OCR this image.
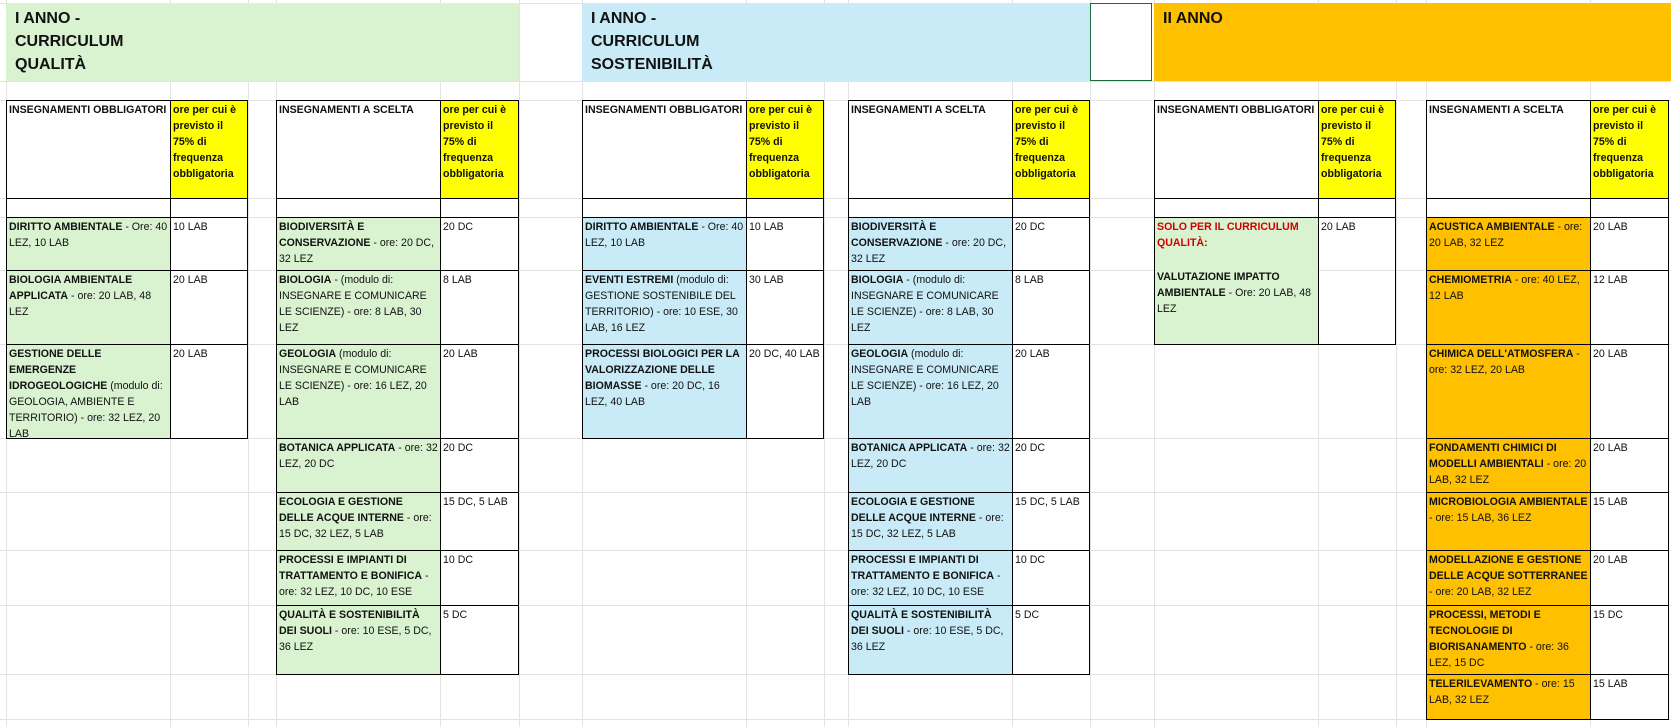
I ANNO -
CURRICULUM
QUALITÀ
I ANNO -
CURRICULUM
SOSTENIBILITÀ
II ANNO
INSEGNAMENTI OBBLIGATORI ore per cui è previsto il 75% di frequenza obbligatoria
DIRITTO AMBIENTALE - Ore: 40 LEZ, 10 LAB
10 LAB
BIOLOGIA AMBIENTALE APPLICATA - ore: 20 LAB, 48 LEZ
20 LAB
GESTIONE DELLE EMERGENZE IDROGEOLOGICHE (modulo di: GEOLOGIA, AMBIENTE E TERRITORIO) - ore: 32 LEZ, 20 LAB
20 LAB
INSEGNAMENTI A SCELTA	ore per cui è previsto il 75% di frequenza obbligatoria
BIODIVERSITÀ E CONSERVAZIONE - ore: 20 DC, 32 LEZ
20 DC
BIOLOGIA - (modulo di: INSEGNARE E COMUNICARE LE SCIENZE) - ore: 8 LAB, 30 LEZ
8 LAB
GEOLOGIA (modulo di: INSEGNARE E COMUNICARE LE SCIENZE) - ore: 16 LEZ, 20 LAB
20 LAB
BOTANICA APPLICATA - ore: 32 LEZ, 20 DC
20 DC
ECOLOGIA E GESTIONE DELLE ACQUE INTERNE - ore: 15 DC, 32 LEZ, 5 LAB
15 DC, 5 LAB
PROCESSI E IMPIANTI DI TRATTAMENTO E BONIFICA - ore: 32 LEZ, 10 DC, 10 ESE
10 DC
QUALITÀ E SOSTENIBILITÀ DEI SUOLI - ore: 10 ESE, 5 DC, 36 LEZ
5 DC
INSEGNAMENTI OBBLIGATORI ore per cui è previsto il 75% di frequenza obbligatoria
DIRITTO AMBIENTALE - Ore: 40 LEZ, 10 LAB
10 LAB
EVENTI ESTREMI (modulo di: GESTIONE SOSTENIBILE DEL TERRITORIO) - ore: 10 ESE, 30 LAB, 16 LEZ
30 LAB
PROCESSI BIOLOGICI PER LA VALORIZZAZIONE DELLE BIOMASSE - ore: 20 DC, 16 LEZ, 40 LAB
20 DC, 40 LAB
INSEGNAMENTI A SCELTA	ore per cui è previsto il 75% di frequenza obbligatoria
BIODIVERSITÀ E CONSERVAZIONE - ore: 20 DC, 32 LEZ
20 DC
BIOLOGIA - (modulo di: INSEGNARE E COMUNICARE LE SCIENZE) - ore: 8 LAB, 30 LEZ
8 LAB
GEOLOGIA (modulo di: INSEGNARE E COMUNICARE LE SCIENZE) - ore: 16 LEZ, 20 LAB
20 LAB
BOTANICA APPLICATA - ore: 32 LEZ, 20 DC
20 DC
ECOLOGIA E GESTIONE DELLE ACQUE INTERNE - ore: 15 DC, 32 LEZ, 5 LAB
15 DC, 5 LAB
PROCESSI E IMPIANTI DI TRATTAMENTO E BONIFICA - ore: 32 LEZ, 10 DC, 10 ESE
10 DC
QUALITÀ E SOSTENIBILITÀ DEI SUOLI - ore: 10 ESE, 5 DC, 36 LEZ
5 DC
INSEGNAMENTI OBBLIGATORI ore per cui è previsto il 75% di frequenza obbligatoria
SOLO PER IL CURRICULUM QUALITÀ:
VALUTAZIONE IMPATTO AMBIENTALE - Ore: 20 LAB, 48 LEZ
20 LAB
INSEGNAMENTI A SCELTA	ore per cui è previsto il 75% di frequenza obbligatoria
ACUSTICA AMBIENTALE - ore: 20 LAB, 32 LEZ
20 LAB
CHEMIOMETRIA - ore: 40 LEZ, 12 LAB
12 LAB
CHIMICA DELL'ATMOSFERA - ore: 32 LEZ, 20 LAB
20 LAB
FONDAMENTI CHIMICI DI MODELLI AMBIENTALI - ore: 20 LAB, 32 LEZ
20 LAB
MICROBIOLOGIA AMBIENTALE - ore: 15 LAB, 36 LEZ
15 LAB
MODELLAZIONE E GESTIONE DELLE ACQUE SOTTERRANEE - ore: 20 LAB, 32 LEZ
20 LAB
PROCESSI, METODI E TECNOLOGIE DI BIORISANAMENTO - ore: 36 LEZ, 15 DC
15 DC
TELERILEVAMENTO - ore: 15 LAB, 32 LEZ
15 LAB
